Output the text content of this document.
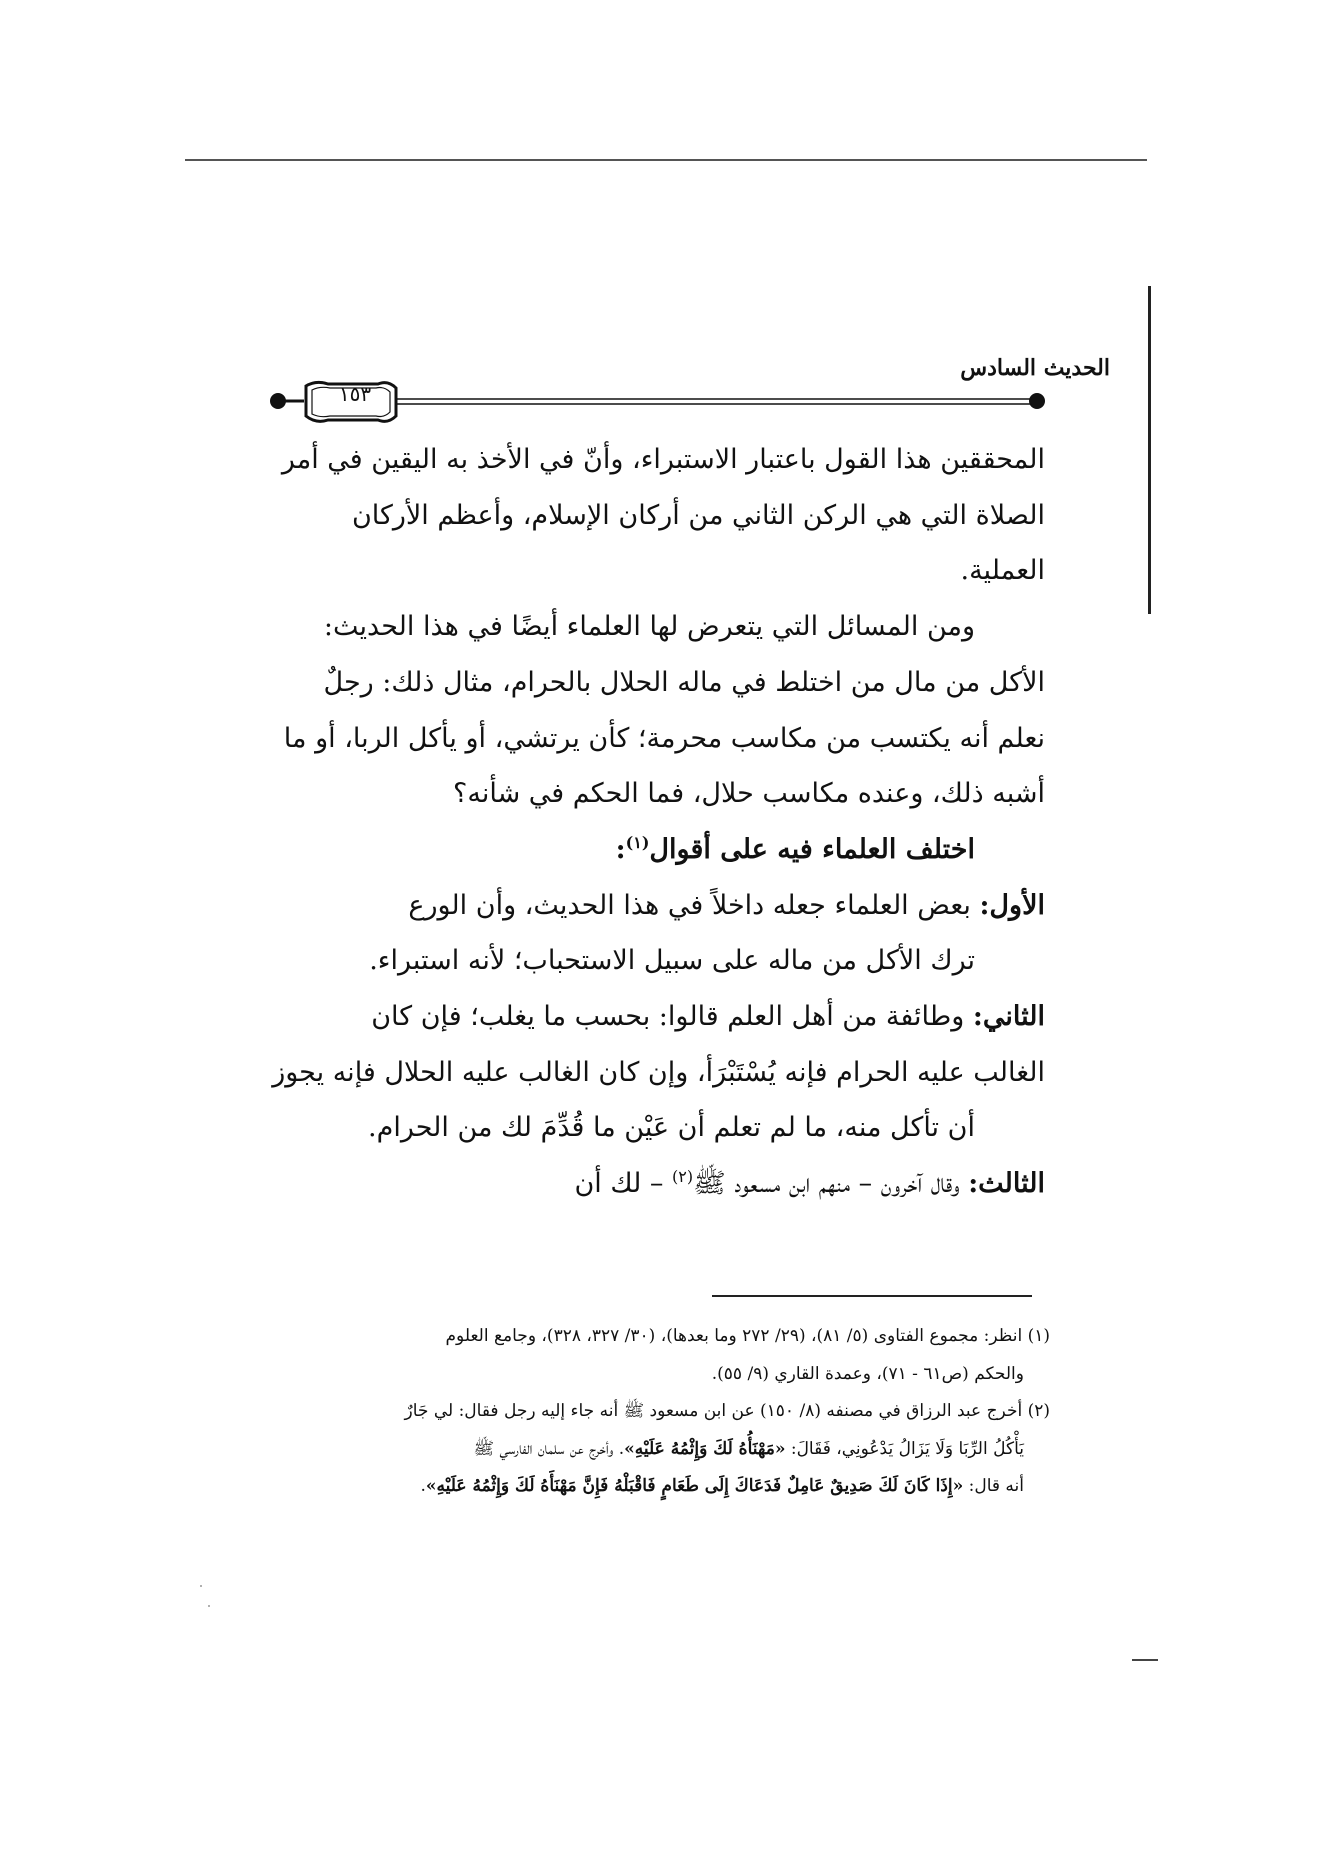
الحديث السادس
١٥٣

المحققين هذا القول باعتبار الاستبراء، وأنّ في الأخذ به اليقين في أمر

الصلاة التي هي الركن الثاني من أركان الإسلام، وأعظم الأركان

العملية.

ومن المسائل التي يتعرض لها العلماء أيضًا في هذا الحديث:

الأكل من مال من اختلط في ماله الحلال بالحرام، مثال ذلك: رجلٌ

نعلم أنه يكتسب من مكاسب محرمة؛ كأن يرتشي، أو يأكل الربا، أو ما

أشبه ذلك، وعنده مكاسب حلال، فما الحكم في شأنه؟

اختلف العلماء فيه على أقوال$^{(١)}$:

الأول: بعض العلماء جعله داخلاً في هذا الحديث، وأن الورع

ترك الأكل من ماله على سبيل الاستحباب؛ لأنه استبراء.

الثاني: وطائفة من أهل العلم قالوا: بحسب ما يغلب؛ فإن كان

الغالب عليه الحرام فإنه يُسْتَبْرَأ، وإن كان الغالب عليه الحلال فإنه يجوز

أن تأكل منه، ما لم تعلم أن عَيْن ما قُدِّمَ لك من الحرام.

الثالث: وقال آخرون – منهم ابن مسعود ﷺ$^{(٢)}$ – لك أن

(١) انظر: مجموع الفتاوى (٥/ ٨١)، (٢٩/ ٢٧٢ وما بعدها)، (٣٠/ ٣٢٧، ٣٢٨)، وجامع العلوم

والحكم (ص٦١ - ٧١)، وعمدة القاري (٩/ ٥٥).

(٢) أخرج عبد الرزاق في مصنفه (٨/ ١٥٠) عن ابن مسعود ﷺ أنه جاء إليه رجل فقال: لي جَارٌ

يَأْكُلُ الرِّبَا وَلَا يَزَالُ يَدْعُونِي، فَقَالَ: «مَهْنَأُهُ لَكَ وَإِثْمُهُ عَلَيْهِ». وأخرج عن سلمان الفارسي ﷺ

أنه قال: «إِذَا كَانَ لَكَ صَدِيقٌ عَامِلٌ فَدَعَاكَ إِلَى طَعَامٍ فَاقْبَلْهُ فَإِنَّ مَهْنَأَهُ لَكَ وَإِثْمُهُ عَلَيْهِ».
